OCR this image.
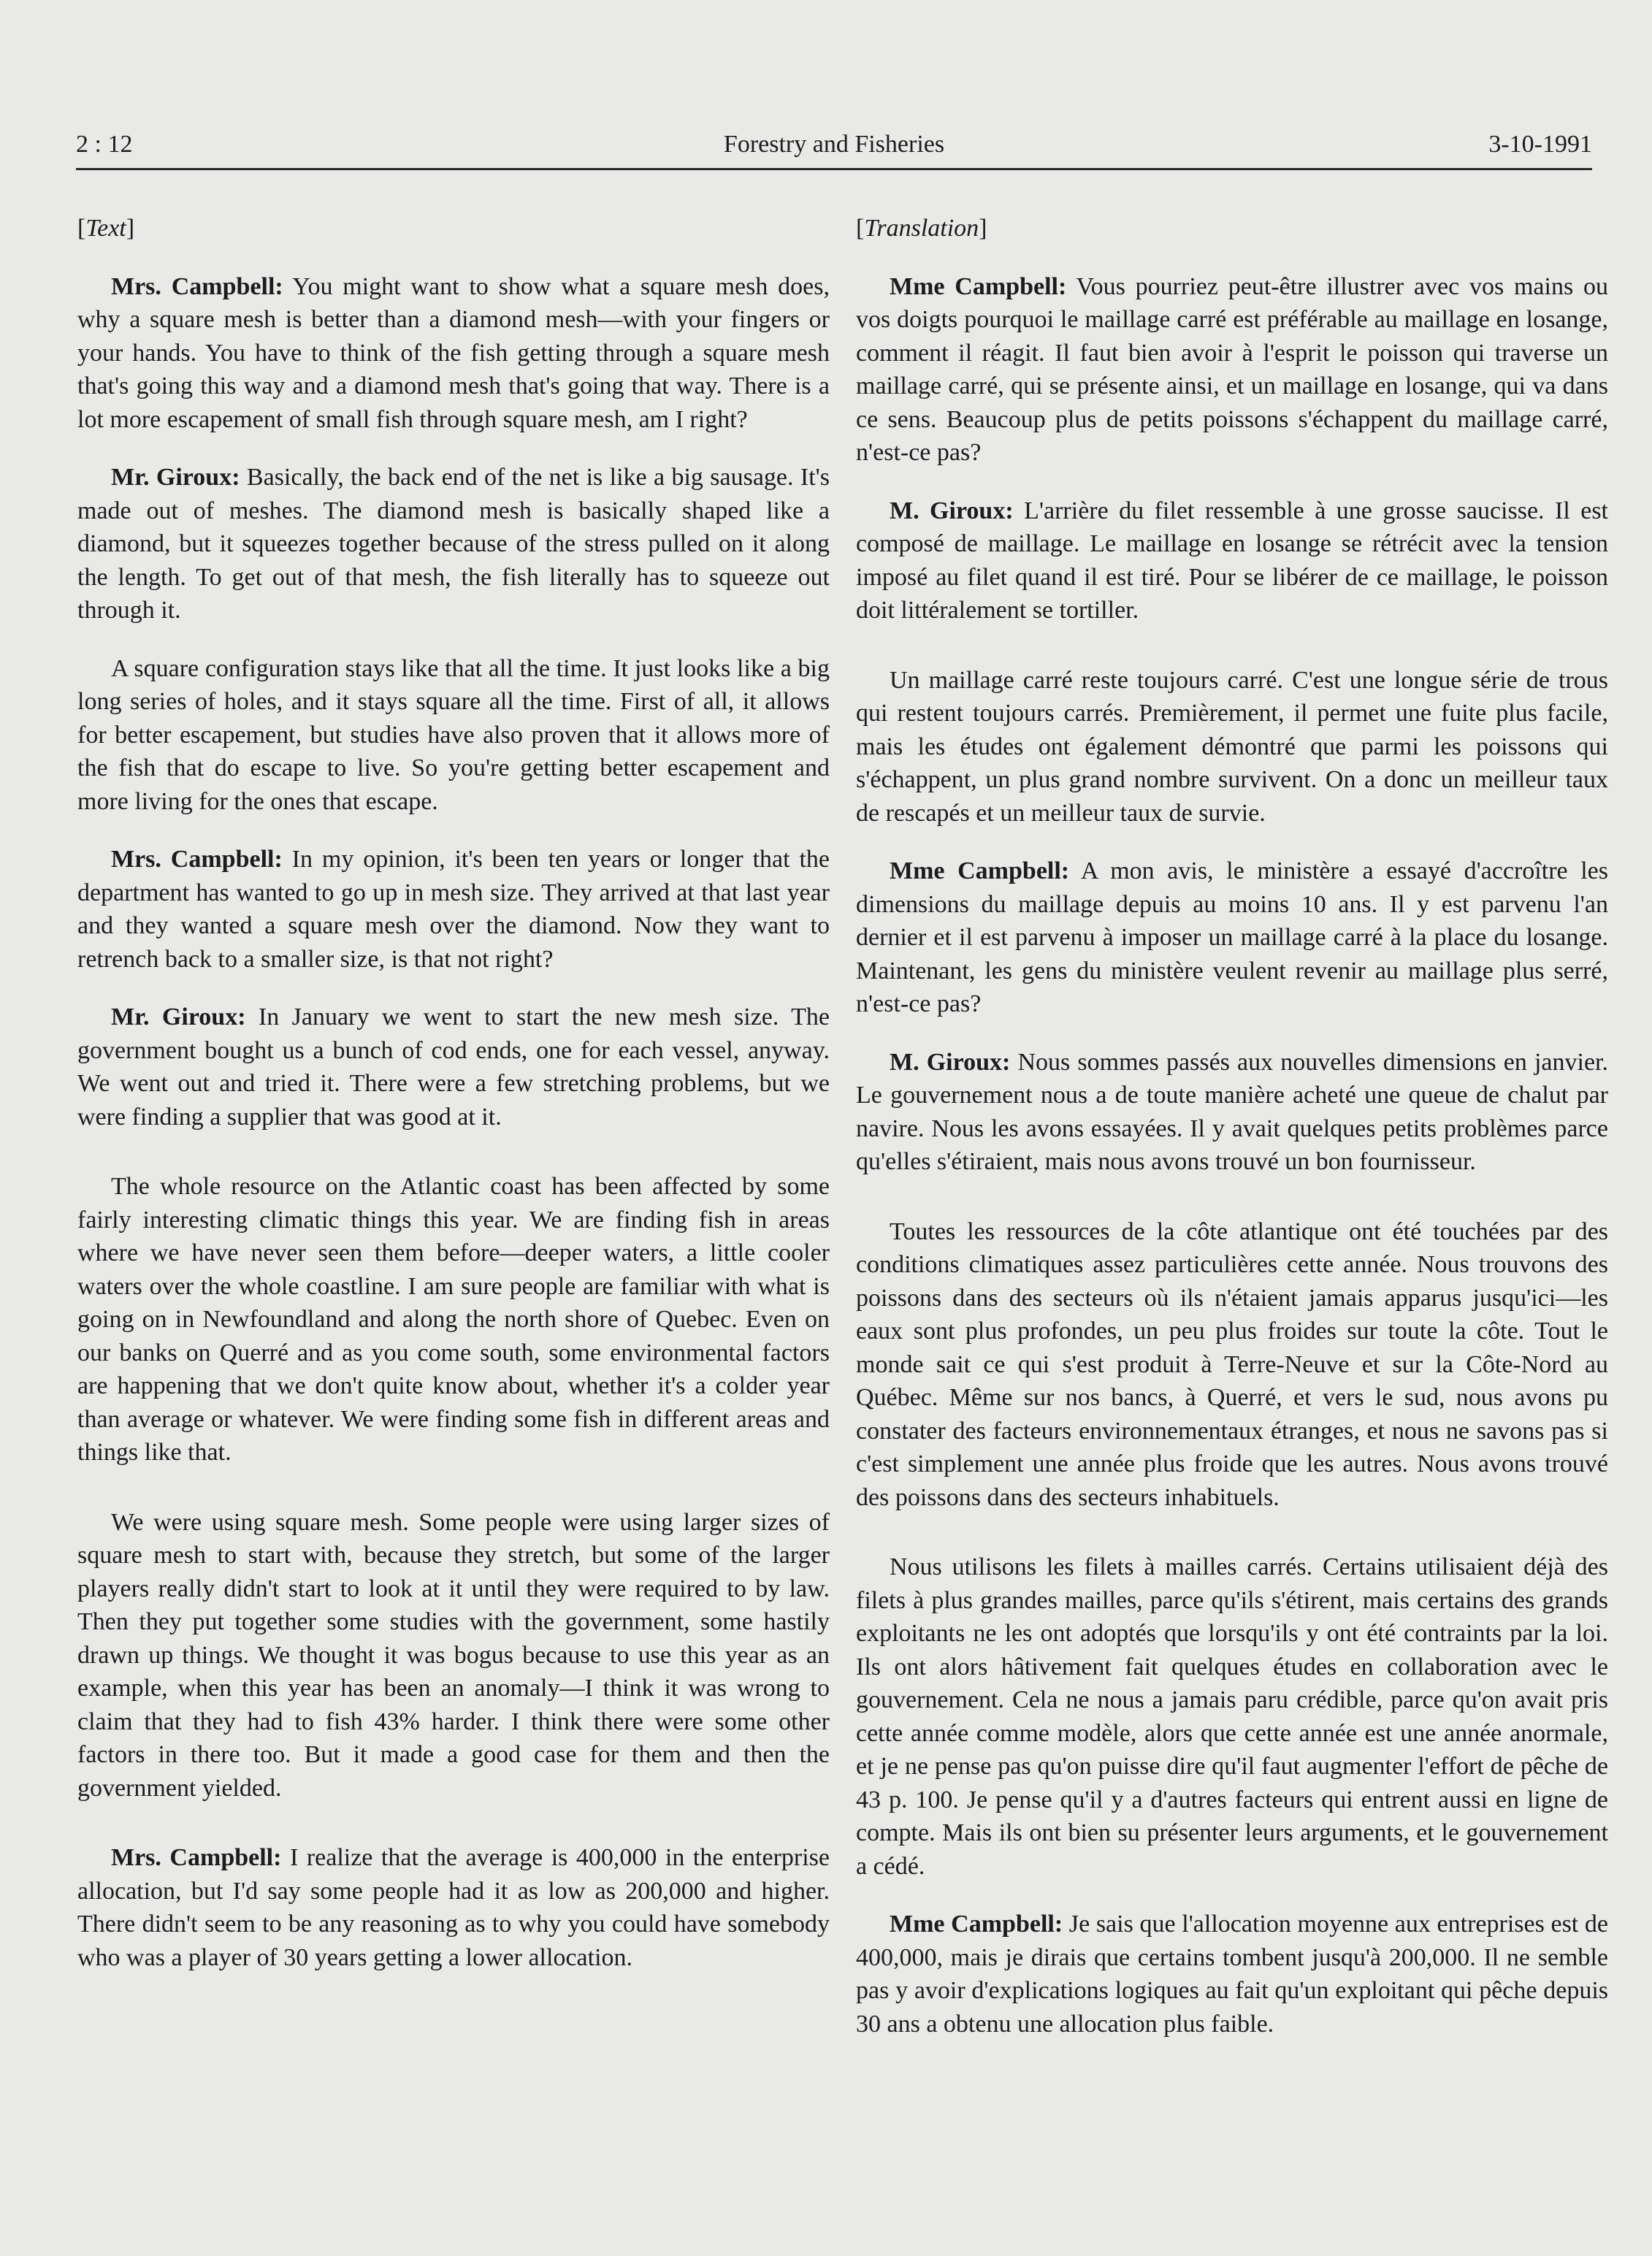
2 : 12	Forestry and Fisheries	3-10-1991
[ Text ]

Mrs. Campbell: You might want to show what a square mesh does, why a square mesh is better than a diamond mesh—with your fingers or your hands. You have to think of the fish getting through a square mesh that's going this way and a diamond mesh that's going that way. There is a lot more escapement of small fish through square mesh, am I right?

Mr. Giroux: Basically, the back end of the net is like a big sausage. It's made out of meshes. The diamond mesh is basically shaped like a diamond, but it squeezes together because of the stress pulled on it along the length. To get out of that mesh, the fish literally has to squeeze out through it.

A square configuration stays like that all the time. It just looks like a big long series of holes, and it stays square all the time. First of all, it allows for better escapement, but studies have also proven that it allows more of the fish that do escape to live. So you're getting better escapement and more living for the ones that escape.

Mrs. Campbell: In my opinion, it's been ten years or longer that the department has wanted to go up in mesh size. They arrived at that last year and they wanted a square mesh over the diamond. Now they want to retrench back to a smaller size, is that not right?

Mr. Giroux: In January we went to start the new mesh size. The government bought us a bunch of cod ends, one for each vessel, anyway. We went out and tried it. There were a few stretching problems, but we were finding a supplier that was good at it.

The whole resource on the Atlantic coast has been affected by some fairly interesting climatic things this year. We are finding fish in areas where we have never seen them before—deeper waters, a little cooler waters over the whole coastline. I am sure people are familiar with what is going on in Newfoundland and along the north shore of Quebec. Even on our banks on Querré and as you come south, some environmental factors are happening that we don't quite know about, whether it's a colder year than average or whatever. We were finding some fish in different areas and things like that.

We were using square mesh. Some people were using larger sizes of square mesh to start with, because they stretch, but some of the larger players really didn't start to look at it until they were required to by law. Then they put together some studies with the government, some hastily drawn up things. We thought it was bogus because to use this year as an example, when this year has been an anomaly—I think it was wrong to claim that they had to fish 43% harder. I think there were some other factors in there too. But it made a good case for them and then the government yielded.

Mrs. Campbell: I realize that the average is 400,000 in the enterprise allocation, but I'd say some people had it as low as 200,000 and higher. There didn't seem to be any reasoning as to why you could have somebody who was a player of 30 years getting a lower allocation.

[ Translation ]

Mme Campbell: Vous pourriez peut-être illustrer avec vos mains ou vos doigts pourquoi le maillage carré est préférable au maillage en losange, comment il réagit. Il faut bien avoir à l'esprit le poisson qui traverse un maillage carré, qui se présente ainsi, et un maillage en losange, qui va dans ce sens. Beaucoup plus de petits poissons s'échappent du maillage carré, n'est-ce pas?

M. Giroux: L'arrière du filet ressemble à une grosse saucisse. Il est composé de maillage. Le maillage en losange se rétrécit avec la tension imposé au filet quand il est tiré. Pour se libérer de ce maillage, le poisson doit littéralement se tortiller.

Un maillage carré reste toujours carré. C'est une longue série de trous qui restent toujours carrés. Premièrement, il permet une fuite plus facile, mais les études ont également démontré que parmi les poissons qui s'échappent, un plus grand nombre survivent. On a donc un meilleur taux de rescapés et un meilleur taux de survie.

Mme Campbell: A mon avis, le ministère a essayé d'accroître les dimensions du maillage depuis au moins 10 ans. Il y est parvenu l'an dernier et il est parvenu à imposer un maillage carré à la place du losange. Maintenant, les gens du ministère veulent revenir au maillage plus serré, n'est-ce pas?

M. Giroux: Nous sommes passés aux nouvelles dimensions en janvier. Le gouvernement nous a de toute manière acheté une queue de chalut par navire. Nous les avons essayées. Il y avait quelques petits problèmes parce qu'elles s'étiraient, mais nous avons trouvé un bon fournisseur.

Toutes les ressources de la côte atlantique ont été touchées par des conditions climatiques assez particulières cette année. Nous trouvons des poissons dans des secteurs où ils n'étaient jamais apparus jusqu'ici—les eaux sont plus profondes, un peu plus froides sur toute la côte. Tout le monde sait ce qui s'est produit à Terre-Neuve et sur la Côte-Nord au Québec. Même sur nos bancs, à Querré, et vers le sud, nous avons pu constater des facteurs environnementaux étranges, et nous ne savons pas si c'est simplement une année plus froide que les autres. Nous avons trouvé des poissons dans des secteurs inhabituels.

Nous utilisons les filets à mailles carrés. Certains utilisaient déjà des filets à plus grandes mailles, parce qu'ils s'étirent, mais certains des grands exploitants ne les ont adoptés que lorsqu'ils y ont été contraints par la loi. Ils ont alors hâtivement fait quelques études en collaboration avec le gouvernement. Cela ne nous a jamais paru crédible, parce qu'on avait pris cette année comme modèle, alors que cette année est une année anormale, et je ne pense pas qu'on puisse dire qu'il faut augmenter l'effort de pêche de 43 p. 100. Je pense qu'il y a d'autres facteurs qui entrent aussi en ligne de compte. Mais ils ont bien su présenter leurs arguments, et le gouvernement a cédé.

Mme Campbell: Je sais que l'allocation moyenne aux entreprises est de 400,000, mais je dirais que certains tombent jusqu'à 200,000. Il ne semble pas y avoir d'explications logiques au fait qu'un exploitant qui pêche depuis 30 ans a obtenu une allocation plus faible.
